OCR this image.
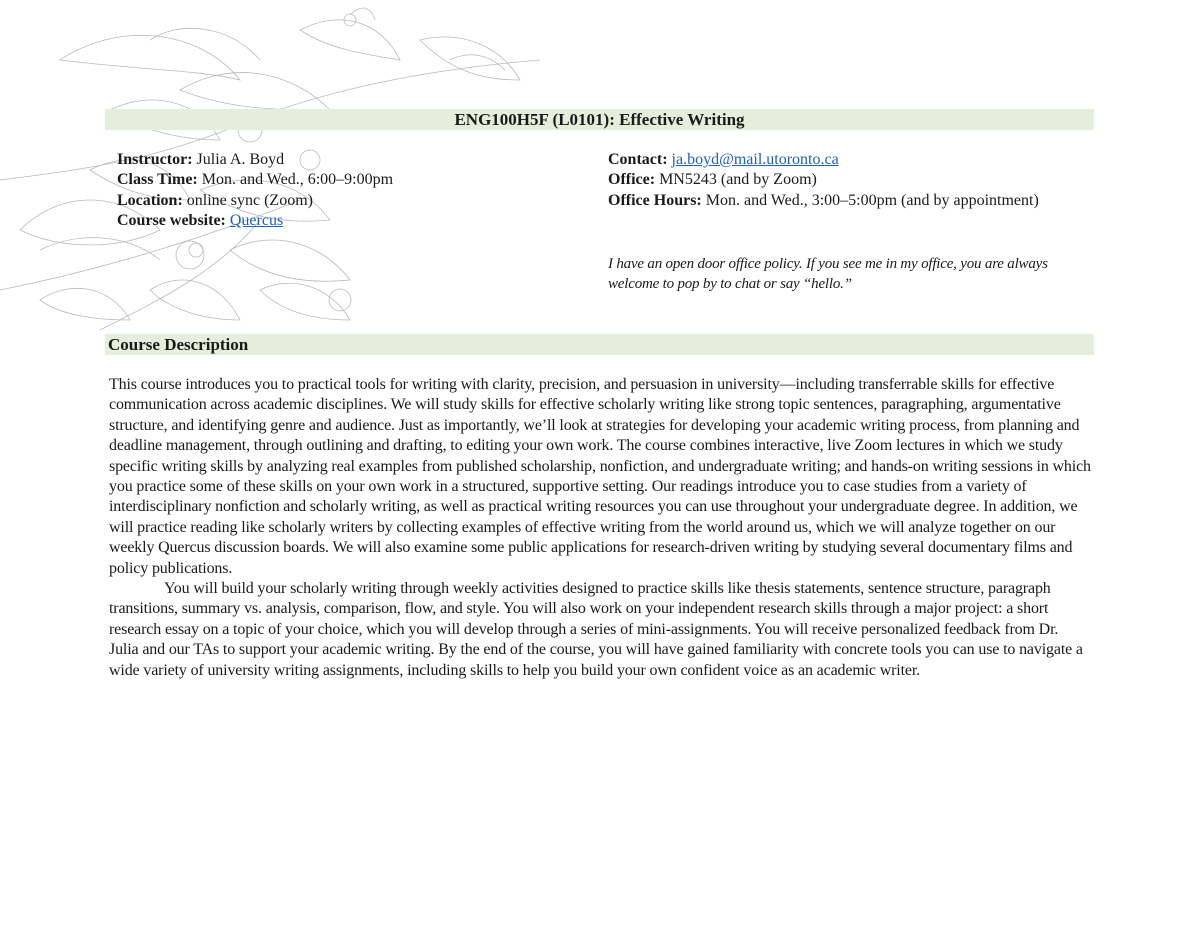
ENG100H5F (L0101): Effective Writing
Instructor: Julia A. Boyd
Class Time: Mon. and Wed., 6:00–9:00pm
Location: online sync (Zoom)
Course website: Quercus
Contact: ja.boyd@mail.utoronto.ca
Office: MN5243 (and by Zoom)
Office Hours: Mon. and Wed., 3:00–5:00pm (and by appointment)
I have an open door office policy. If you see me in my office, you are always welcome to pop by to chat or say “hello.”
Course Description

This course introduces you to practical tools for writing with clarity, precision, and persuasion in university—including transferrable skills for effective communication across academic disciplines. We will study skills for effective scholarly writing like strong topic sentences, paragraphing, argumentative structure, and identifying genre and audience. Just as importantly, we’ll look at strategies for developing your academic writing process, from planning and deadline management, through outlining and drafting, to editing your own work. The course combines interactive, live Zoom lectures in which we study specific writing skills by analyzing real examples from published scholarship, nonfiction, and undergraduate writing; and hands-on writing sessions in which you practice some of these skills on your own work in a structured, supportive setting. Our readings introduce you to case studies from a variety of interdisciplinary nonfiction and scholarly writing, as well as practical writing resources you can use throughout your undergraduate degree. In addition, we will practice reading like scholarly writers by collecting examples of effective writing from the world around us, which we will analyze together on our weekly Quercus discussion boards. We will also examine some public applications for research-driven writing by studying several documentary films and policy publications.

You will build your scholarly writing through weekly activities designed to practice skills like thesis statements, sentence structure, paragraph transitions, summary vs. analysis, comparison, flow, and style. You will also work on your independent research skills through a major project: a short research essay on a topic of your choice, which you will develop through a series of mini-assignments. You will receive personalized feedback from Dr. Julia and our TAs to support your academic writing. By the end of the course, you will have gained familiarity with concrete tools you can use to navigate a wide variety of university writing assignments, including skills to help you build your own confident voice as an academic writer.
